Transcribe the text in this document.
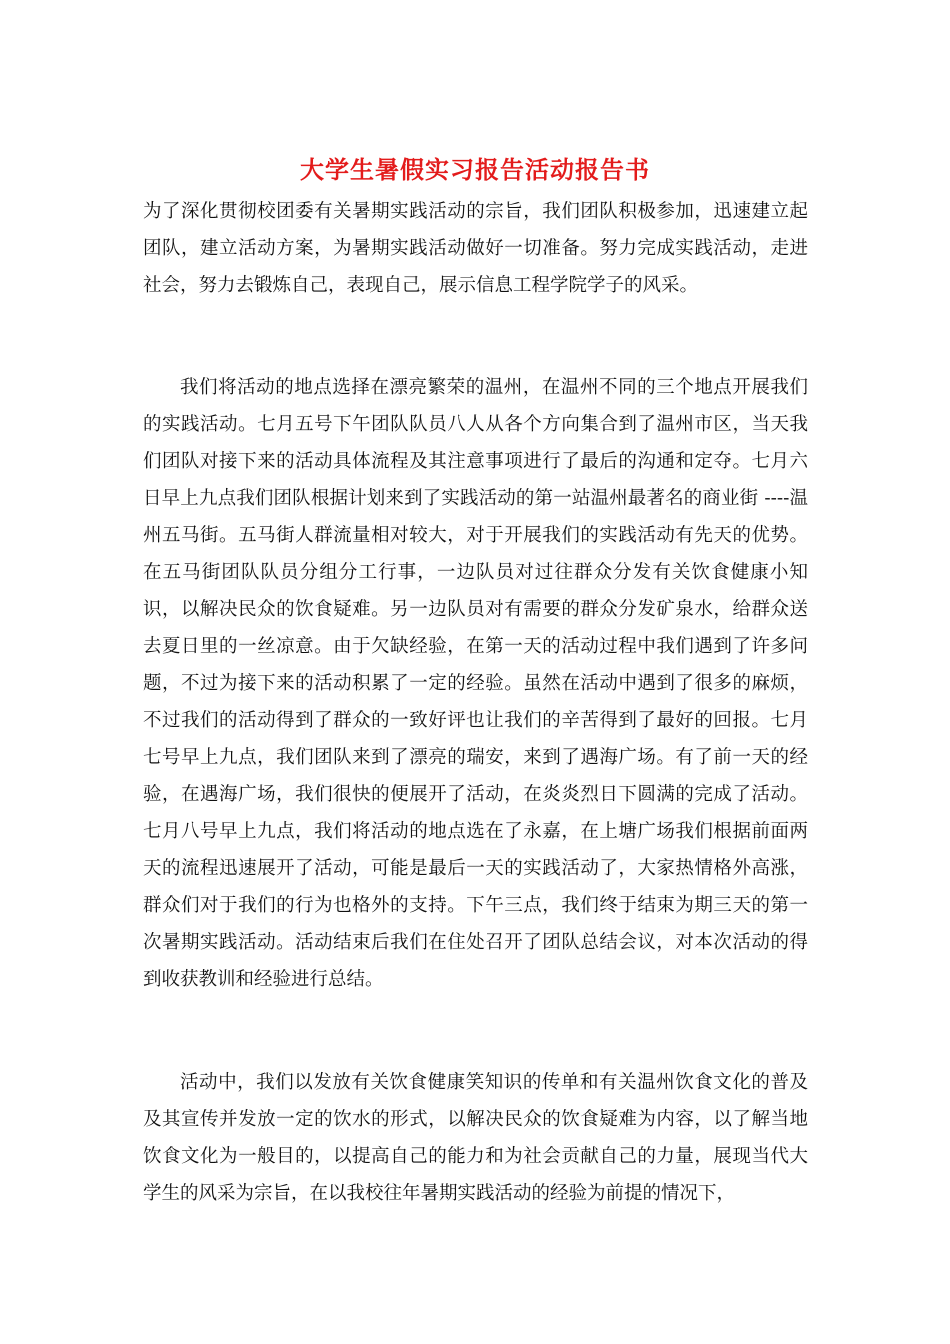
大学生暑假实习报告活动报告书

为了深化贯彻校团委有关暑期实践活动的宗旨，我们团队积极参加，迅速建立起团队，建立活动方案，为暑期实践活动做好一切准备。努力完成实践活动，走进社会，努力去锻炼自己，表现自己，展示信息工程学院学子的风采。

我们将活动的地点选择在漂亮繁荣的温州，在温州不同的三个地点开展我们的实践活动。七月五号下午团队队员八人从各个方向集合到了温州市区，当天我们团队对接下来的活动具体流程及其注意事项进行了最后的沟通和定夺。七月六日早上九点我们团队根据计划来到了实践活动的第一站温州最著名的商业街 ----温州五马街。五马街人群流量相对较大，对于开展我们的实践活动有先天的优势。在五马街团队队员分组分工行事，一边队员对过往群众分发有关饮食健康小知识，以解决民众的饮食疑难。另一边队员对有需要的群众分发矿泉水，给群众送去夏日里的一丝凉意。由于欠缺经验，在第一天的活动过程中我们遇到了许多问题，不过为接下来的活动积累了一定的经验。虽然在活动中遇到了很多的麻烦，不过我们的活动得到了群众的一致好评也让我们的辛苦得到了最好的回报。七月七号早上九点，我们团队来到了漂亮的瑞安，来到了遇海广场。有了前一天的经验，在遇海广场，我们很快的便展开了活动，在炎炎烈日下圆满的完成了活动。七月八号早上九点，我们将活动的地点选在了永嘉，在上塘广场我们根据前面两天的流程迅速展开了活动，可能是最后一天的实践活动了，大家热情格外高涨，群众们对于我们的行为也格外的支持。下午三点，我们终于结束为期三天的第一次暑期实践活动。活动结束后我们在住处召开了团队总结会议，对本次活动的得到收获教训和经验进行总结。

活动中，我们以发放有关饮食健康笑知识的传单和有关温州饮食文化的普及及其宣传并发放一定的饮水的形式，以解决民众的饮食疑难为内容，以了解当地饮食文化为一般目的，以提高自己的能力和为社会贡献自己的力量，展现当代大学生的风采为宗旨，在以我校往年暑期实践活动的经验为前提的情况下，
